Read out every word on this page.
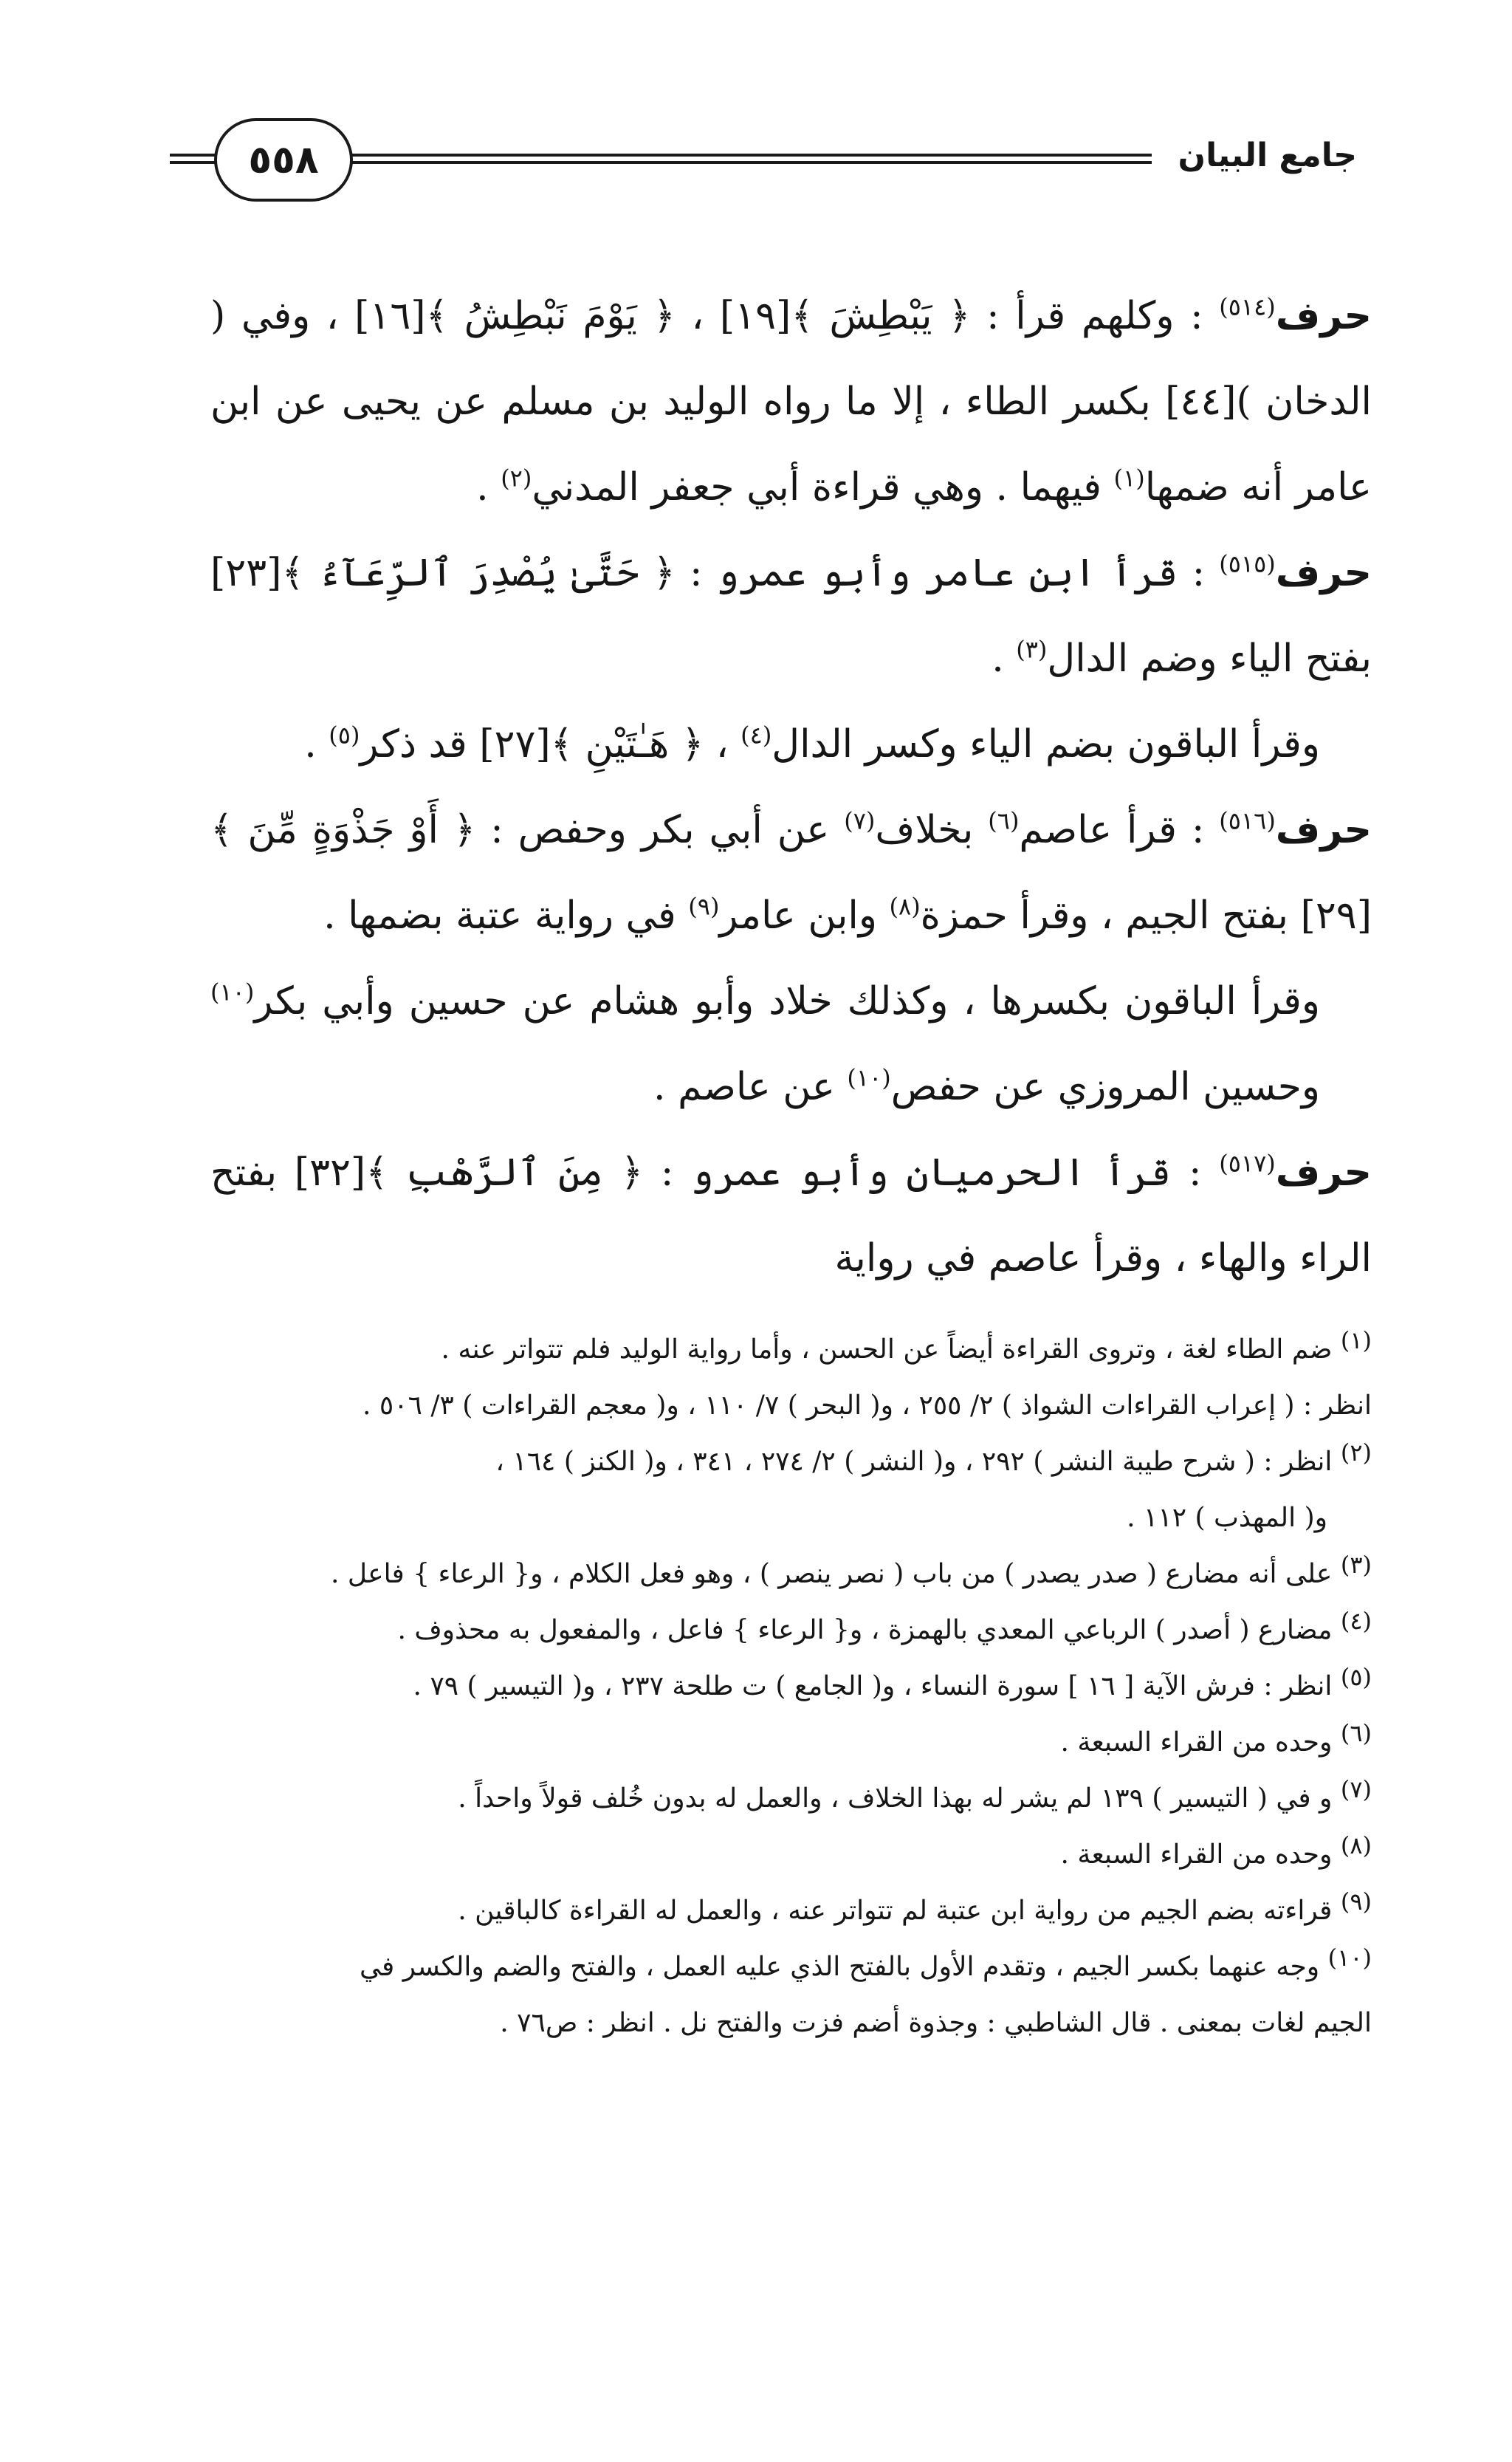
٥٥٨	جامع البيان

حرف$^{(٥١٤)}$ : وكلهم قرأ : ﴿ يَبْطِشَ ﴾[١٩] ، ﴿ يَوْمَ نَبْطِشُ ﴾[١٦] ، وفي ( الدخان )[٤٤] بكسر الطاء ، إلا ما رواه الوليد بن مسلم عن يحيى عن ابن عامر أنه ضمها$^{(١)}$ فيهما . وهي قراءة أبي جعفر المدني$^{(٢)}$ .

حرف$^{(٥١٥)}$ : قرأ ابن عامر وأبو عمرو : ﴿ حَتَّىٰ يُصْدِرَ ٱلرِّعَآءُ ﴾[٢٣] بفتح الياء وضم الدال$^{(٣)}$ .

وقرأ الباقون بضم الياء وكسر الدال$^{(٤)}$ ، ﴿ هَـٰتَيْنِ ﴾[٢٧] قد ذكر$^{(٥)}$ .

حرف$^{(٥١٦)}$ : قرأ عاصم$^{(٦)}$ بخلاف$^{(٧)}$ عن أبي بكر وحفص : ﴿ أَوْ جَذْوَةٍ مِّنَ ﴾[٢٩] بفتح الجيم ، وقرأ حمزة$^{(٨)}$ وابن عامر$^{(٩)}$ في رواية عتبة بضمها .

وقرأ الباقون بكسرها ، وكذلك خلاد وأبو هشام عن حسين وأبي بكر$^{(١٠)}$ وحسين المروزي عن حفص$^{(١٠)}$ عن عاصم .

حرف$^{(٥١٧)}$ : قرأ الحرميان وأبو عمرو : ﴿ مِنَ ٱلرَّهْبِ ﴾[٣٢] بفتح الراء والهاء ، وقرأ عاصم في رواية

(١) ضم الطاء لغة ، وتروى القراءة أيضاً عن الحسن ، وأما رواية الوليد فلم تتواتر عنه .

انظر : ( إعراب القراءات الشواذ ) ٢/ ٢٥٥ ، و( البحر ) ٧/ ١١٠ ، و( معجم القراءات ) ٣/ ٥٠٦ .

(٢) انظر : ( شرح طيبة النشر ) ٢٩٢ ، و( النشر ) ٢/ ٢٧٤ ، ٣٤١ ، و( الكنز ) ١٦٤ ،

و( المهذب ) ١١٢ .

(٣) على أنه مضارع ( صدر يصدر ) من باب ( نصر ينصر ) ، وهو فعل الكلام ، و{ الرعاء } فاعل .

(٤) مضارع ( أصدر ) الرباعي المعدي بالهمزة ، و{ الرعاء } فاعل ، والمفعول به محذوف .

(٥) انظر : فرش الآية [ ١٦ ] سورة النساء ، و( الجامع ) ت طلحة ٢٣٧ ، و( التيسير ) ٧٩ .

(٦) وحده من القراء السبعة .

(٧) و في ( التيسير ) ١٣٩ لم يشر له بهذا الخلاف ، والعمل له بدون خُلف قولاً واحداً .

(٨) وحده من القراء السبعة .

(٩) قراءته بضم الجيم من رواية ابن عتبة لم تتواتر عنه ، والعمل له القراءة كالباقين .

(١٠) وجه عنهما بكسر الجيم ، وتقدم الأول بالفتح الذي عليه العمل ، والفتح والضم والكسر في

الجيم لغات بمعنى . قال الشاطبي : وجذوة أضم فزت والفتح نل . انظر : ص٧٦ .
